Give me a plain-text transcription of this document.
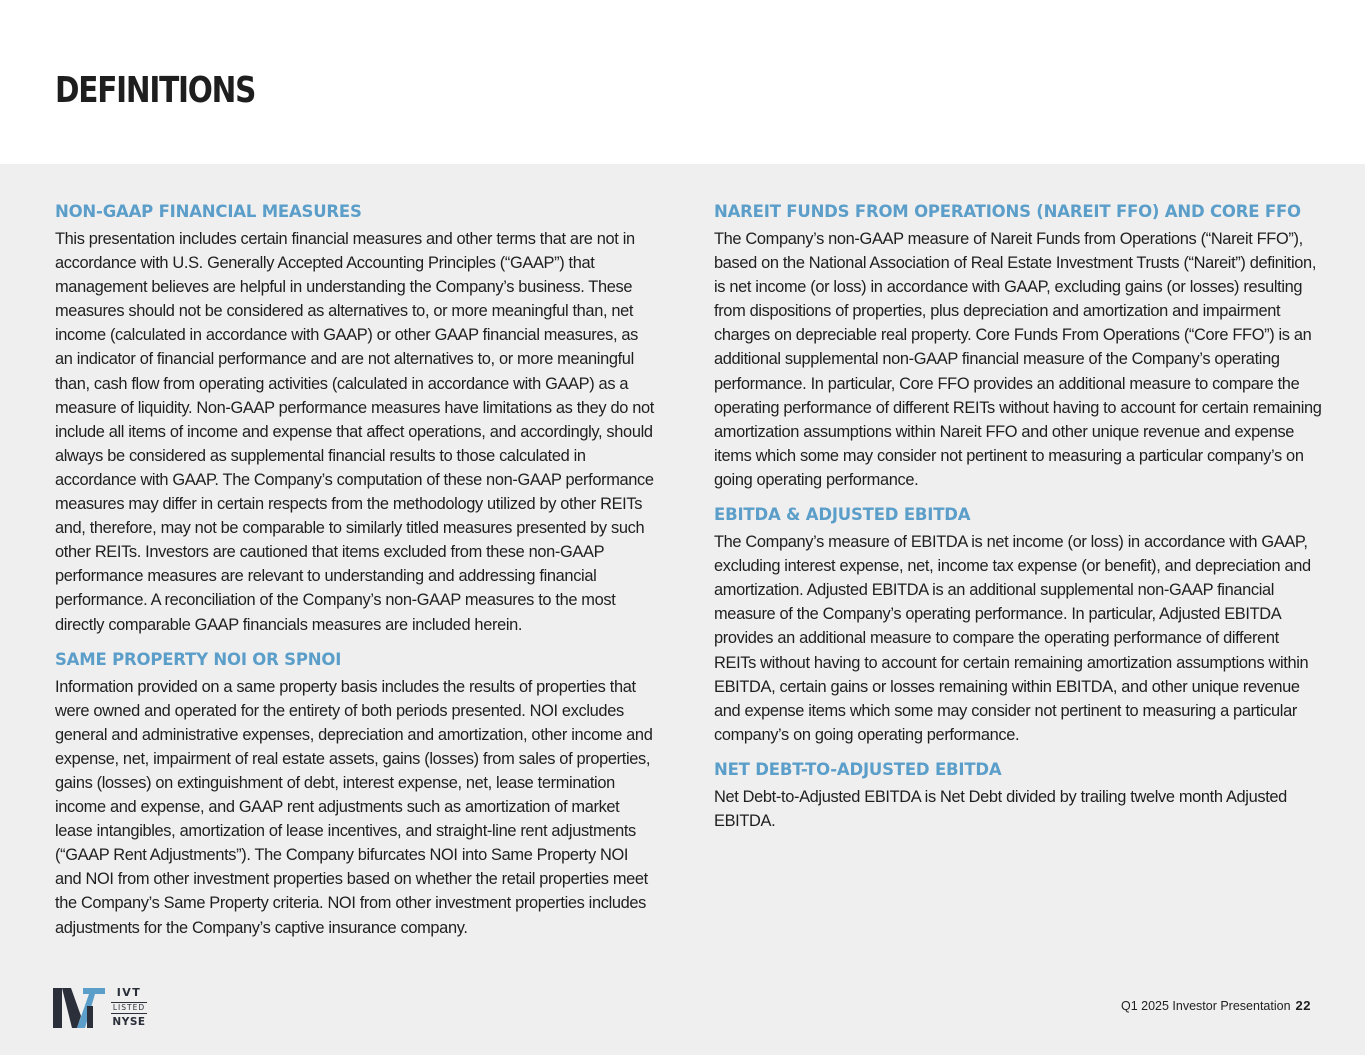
DEFINITIONS
NON-GAAP FINANCIAL MEASURES

This presentation includes certain financial measures and other terms that are not in accordance with U.S. Generally Accepted Accounting Principles (“GAAP”) that management believes are helpful in understanding the Company’s business. These measures should not be considered as alternatives to, or more meaningful than, net income (calculated in accordance with GAAP) or other GAAP financial measures, as an indicator of financial performance and are not alternatives to, or more meaningful than, cash flow from operating activities (calculated in accordance with GAAP) as a measure of liquidity. Non-GAAP performance measures have limitations as they do not include all items of income and expense that affect operations, and accordingly, should always be considered as supplemental financial results to those calculated in accordance with GAAP. The Company’s computation of these non-GAAP performance measures may differ in certain respects from the methodology utilized by other REITs and, therefore, may not be comparable to similarly titled measures presented by such other REITs. Investors are cautioned that items excluded from these non-GAAP performance measures are relevant to understanding and addressing financial performance. A reconciliation of the Company’s non-GAAP measures to the most directly comparable GAAP financials measures are included herein.

SAME PROPERTY NOI OR SPNOI

Information provided on a same property basis includes the results of properties that were owned and operated for the entirety of both periods presented. NOI excludes general and administrative expenses, depreciation and amortization, other income and expense, net, impairment of real estate assets, gains (losses) from sales of properties, gains (losses) on extinguishment of debt, interest expense, net, lease termination income and expense, and GAAP rent adjustments such as amortization of market lease intangibles, amortization of lease incentives, and straight-line rent adjustments (“GAAP Rent Adjustments”). The Company bifurcates NOI into Same Property NOI and NOI from other investment properties based on whether the retail properties meet the Company’s Same Property criteria. NOI from other investment properties includes adjustments for the Company’s captive insurance company.

NAREIT FUNDS FROM OPERATIONS (NAREIT FFO) AND CORE FFO

The Company’s non-GAAP measure of Nareit Funds from Operations (“Nareit FFO”), based on the National Association of Real Estate Investment Trusts (“Nareit”) definition, is net income (or loss) in accordance with GAAP, excluding gains (or losses) resulting from dispositions of properties, plus depreciation and amortization and impairment charges on depreciable real property. Core Funds From Operations (“Core FFO”) is an additional supplemental non-GAAP financial measure of the Company’s operating performance. In particular, Core FFO provides an additional measure to compare the operating performance of different REITs without having to account for certain remaining amortization assumptions within Nareit FFO and other unique revenue and expense items which some may consider not pertinent to measuring a particular company’s on going operating performance.

EBITDA & ADJUSTED EBITDA

The Company’s measure of EBITDA is net income (or loss) in accordance with GAAP, excluding interest expense, net, income tax expense (or benefit), and depreciation and amortization. Adjusted EBITDA is an additional supplemental non-GAAP financial measure of the Company’s operating performance. In particular, Adjusted EBITDA provides an additional measure to compare the operating performance of different REITs without having to account for certain remaining amortization assumptions within EBITDA, certain gains or losses remaining within EBITDA, and other unique revenue and expense items which some may consider not pertinent to measuring a particular company’s on going operating performance.

NET DEBT-TO-ADJUSTED EBITDA

Net Debt-to-Adjusted EBITDA is Net Debt divided by trailing twelve month Adjusted EBITDA.

IVT
LISTED
NYSE
Q1 2025 Investor Presentation 22
